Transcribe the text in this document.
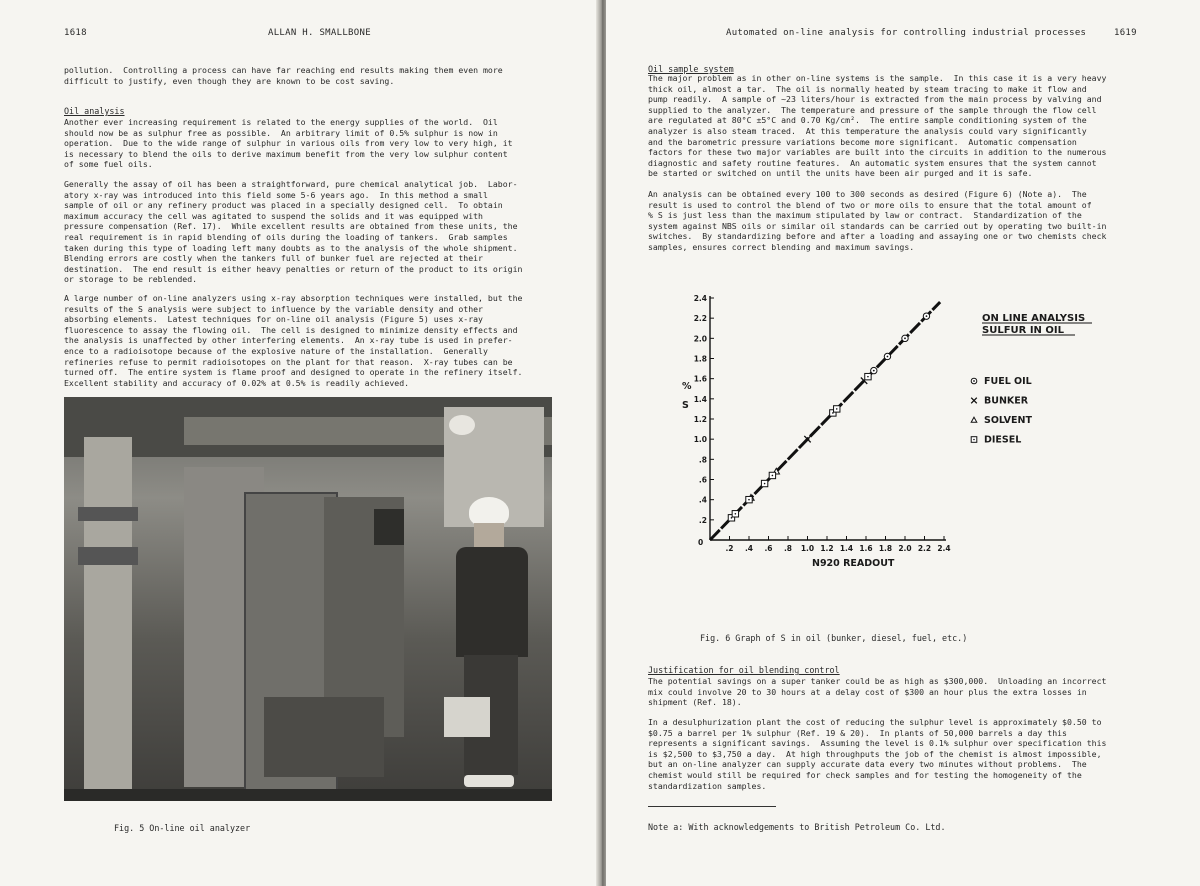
1618	ALLAN H. SMALLBONE

pollution.  Controlling a process can have far reaching end results making them even more
difficult to justify, even though they are known to be cost saving.

Oil analysis

Another ever increasing requirement is related to the energy supplies of the world.  Oil
should now be as sulphur free as possible.  An arbitrary limit of 0.5% sulphur is now in
operation.  Due to the wide range of sulphur in various oils from very low to very high, it
is necessary to blend the oils to derive maximum benefit from the very low sulphur content
of some fuel oils.

Generally the assay of oil has been a straightforward, pure chemical analytical job.  Labor-
atory x-ray was introduced into this field some 5-6 years ago.  In this method a small
sample of oil or any refinery product was placed in a specially designed cell.  To obtain
maximum accuracy the cell was agitated to suspend the solids and it was equipped with
pressure compensation (Ref. 17).  While excellent results are obtained from these units, the
real requirement is in rapid blending of oils during the loading of tankers.  Grab samples
taken during this type of loading left many doubts as to the analysis of the whole shipment.
Blending errors are costly when the tankers full of bunker fuel are rejected at their
destination.  The end result is either heavy penalties or return of the product to its origin
or storage to be reblended.

A large number of on-line analyzers using x-ray absorption techniques were installed, but the
results of the S analysis were subject to influence by the variable density and other
absorbing elements.  Latest techniques for on-line oil analysis (Figure 5) uses x-ray
fluorescence to assay the flowing oil.  The cell is designed to minimize density effects and
the analysis is unaffected by other interfering elements.  An x-ray tube is used in prefer-
ence to a radioisotope because of the explosive nature of the installation.  Generally
refineries refuse to permit radioisotopes on the plant for that reason.  X-ray tubes can be
turned off.  The entire system is flame proof and designed to operate in the refinery itself.
Excellent stability and accuracy of 0.02% at 0.5% is readily achieved.

Fig. 5 On-line oil analyzer
Automated on-line analysis for controlling industrial processes	1619

Oil sample system

The major problem as in other on-line systems is the sample.  In this case it is a very heavy
thick oil, almost a tar.  The oil is normally heated by steam tracing to make it flow and
pump readily.  A sample of ~23 liters/hour is extracted from the main process by valving and
supplied to the analyzer.  The temperature and pressure of the sample through the flow cell
are regulated at 80°C ±5°C and 0.70 Kg/cm².  The entire sample conditioning system of the
analyzer is also steam traced.  At this temperature the analysis could vary significantly
and the barometric pressure variations become more significant.  Automatic compensation
factors for these two major variables are built into the circuits in addition to the numerous
diagnostic and safety routine features.  An automatic system ensures that the system cannot
be started or switched on until the units have been air purged and it is safe.

An analysis can be obtained every 100 to 300 seconds as desired (Figure 6) (Note a).  The
result is used to control the blend of two or more oils to ensure that the total amount of
% S is just less than the maximum stipulated by law or contract.  Standardization of the
system against NBS oils or similar oil standards can be carried out by operating two built-in
switches.  By standardizing before and after a loading and assaying one or two chemists check
samples, ensures correct blending and maximum savings.

Fig. 6 Graph of S in oil (bunker, diesel, fuel, etc.)

Justification for oil blending control

The potential savings on a super tanker could be as high as $300,000.  Unloading an incorrect
mix could involve 20 to 30 hours at a delay cost of $300 an hour plus the extra losses in
shipment (Ref. 18).

In a desulphurization plant the cost of reducing the sulphur level is approximately $0.50 to
$0.75 a barrel per 1% sulphur (Ref. 19 & 20).  In plants of 50,000 barrels a day this
represents a significant savings.  Assuming the level is 0.1% sulphur over specification this
is $2,500 to $3,750 a day.  At high throughputs the job of the chemist is almost impossible,
but an on-line analyzer can supply accurate data every two minutes without problems.  The
chemist would still be required for check samples and for testing the homogeneity of the
standardization samples.

Note a: With acknowledgements to British Petroleum Co. Ltd.
.2 .4 .6 .8 1.0 1.2 1.4 1.6 1.8 2.0 2.2 2.4
.2
.4
.6
.8
1.0
1.2
1.4
1.6
1.8
2.0
2.2
2.4
0
%
S
N920 READOUT
ON LINE ANALYSIS
SULFUR IN OIL
FUEL OIL
BUNKER
SOLVENT
DIESEL
